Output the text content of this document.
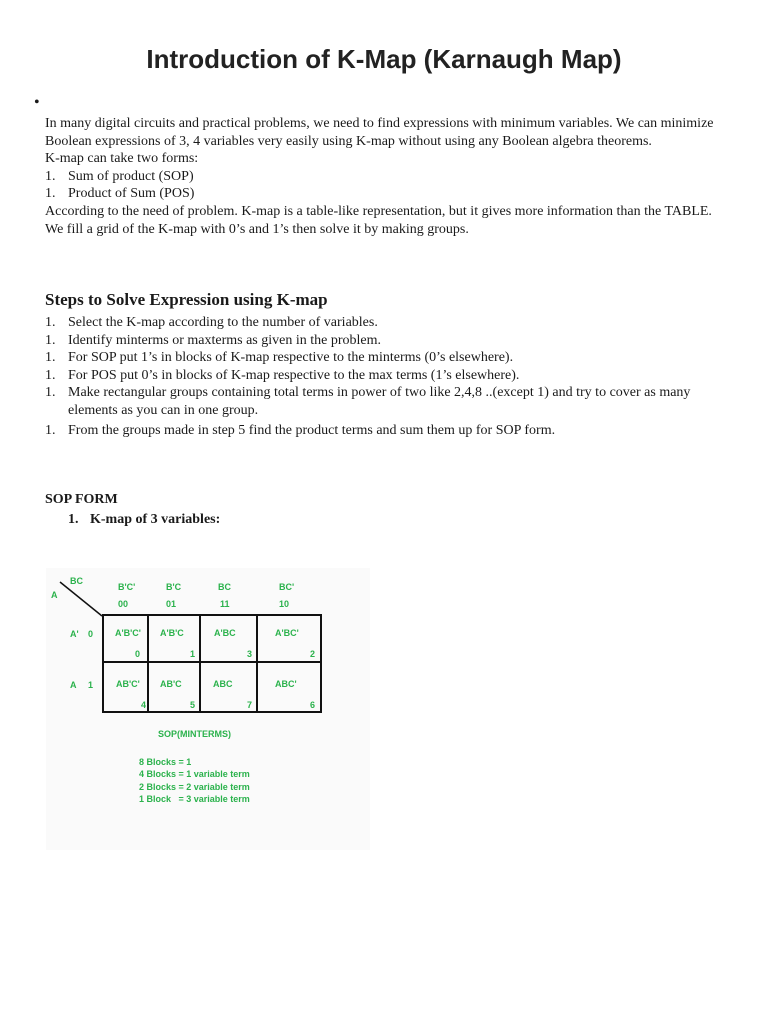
Introduction of K-Map (Karnaugh Map)
•

In many digital circuits and practical problems, we need to find expressions with minimum variables. We can minimize Boolean expressions of 3, 4 variables very easily using K-map without using any Boolean algebra theorems.

K-map can take two forms:

1. Sum of product (SOP)

1. Product of Sum (POS)

According to the need of problem. K-map is a table-like representation, but it gives more information than the TABLE. We fill a grid of the K-map with 0’s and 1’s then solve it by making groups.

Steps to Solve Expression using K-map

1. Select the K-map according to the number of variables.

1. Identify minterms or maxterms as given in the problem.

1. For SOP put 1’s in blocks of K-map respective to the minterms (0’s elsewhere).

1. For POS put 0’s in blocks of K-map respective to the max terms (1’s elsewhere).

1. Make rectangular groups containing total terms in power of two like 2,4,8 ..(except 1) and try to cover as many elements as you can in one group.

1. From the groups made in step 5 find the product terms and sum them up for SOP form.

SOP FORM
1. K-map of 3 variables:
BC
A
B'C'
00
B'C
01
BC
11
BC'
10
A' 0
A 1
A'B'C'
0
A'B'C
1
A'BC
3
A'BC'
2
AB'C'
4
AB'C
5
ABC
7
ABC'
6
SOP(MINTERMS)
8 Blocks = 1
4 Blocks = 1 variable term
2 Blocks = 2 variable term
1 Block   = 3 variable term
